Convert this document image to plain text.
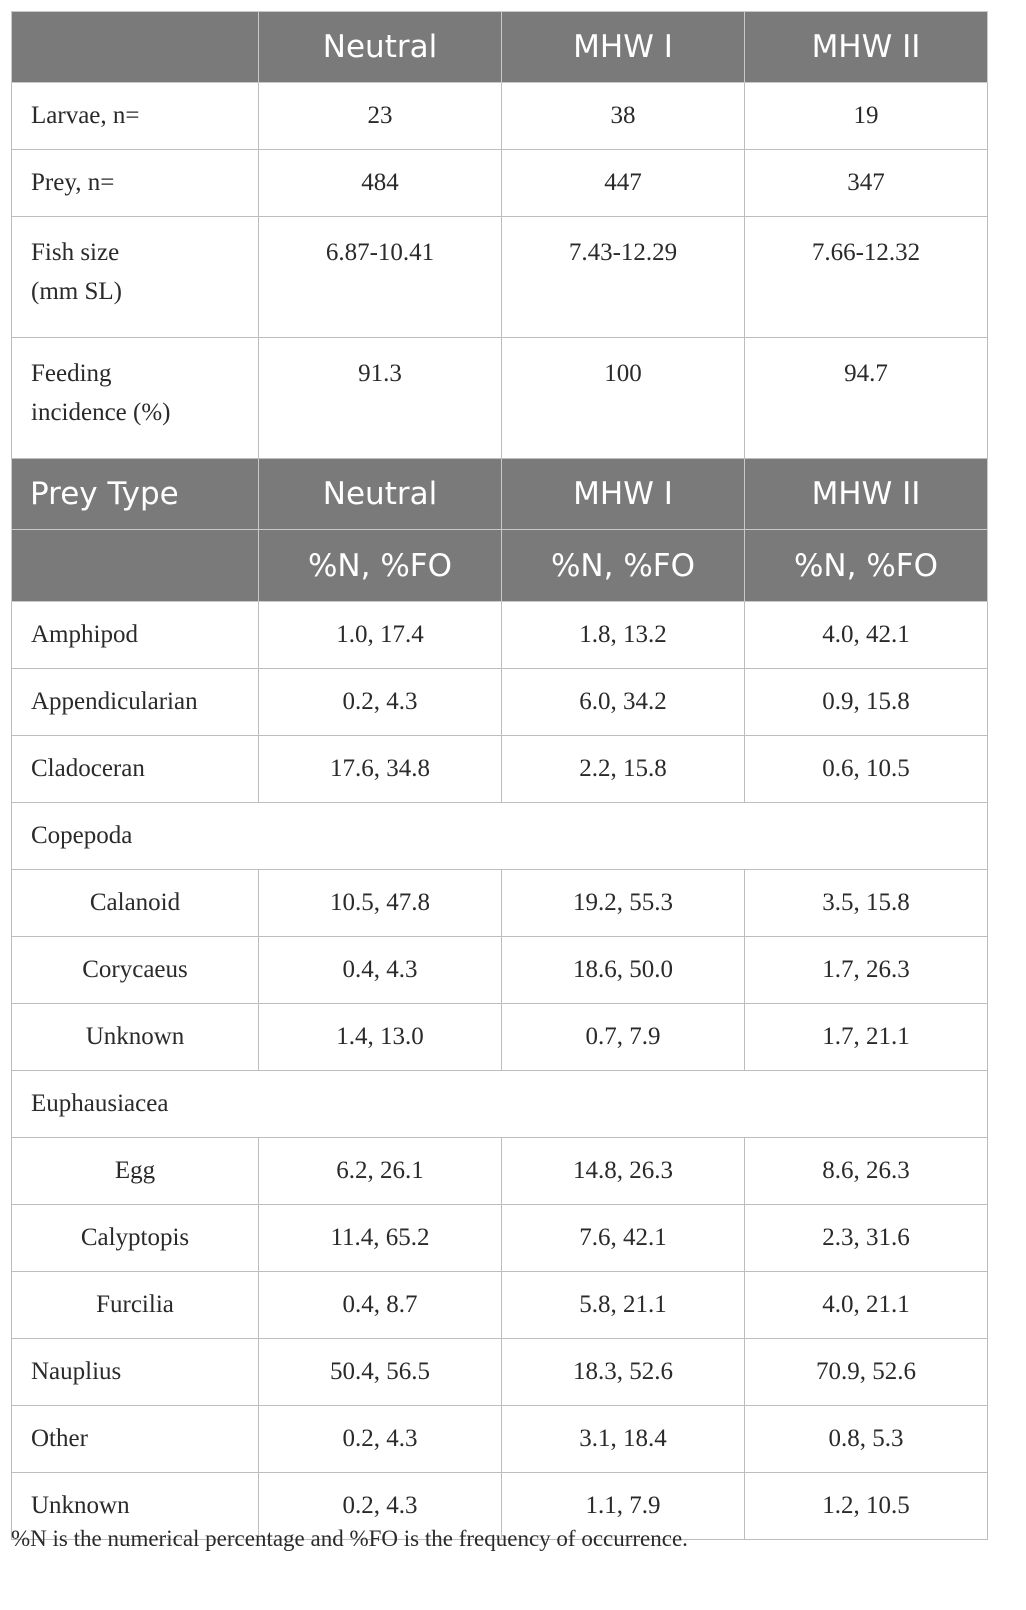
	Neutral	MHW I	MHW II
Larvae, n=	23	38	19
Prey, n=	484	447	347

Fish size
(mm SL)	6.87-10.41	7.43-12.29	7.66-12.32

Feeding
incidence (%)	91.3	100	94.7
Prey Type	Neutral	MHW I	MHW II
	%N, %FO	%N, %FO	%N, %FO
Amphipod	1.0, 17.4	1.8, 13.2	4.0, 42.1
Appendicularian	0.2, 4.3	6.0, 34.2	0.9, 15.8
Cladoceran	17.6, 34.8	2.2, 15.8	0.6, 10.5
Copepoda			
Calanoid	10.5, 47.8	19.2, 55.3	3.5, 15.8
Corycaeus	0.4, 4.3	18.6, 50.0	1.7, 26.3
Unknown	1.4, 13.0	0.7, 7.9	1.7, 21.1
Euphausiacea			
Egg	6.2, 26.1	14.8, 26.3	8.6, 26.3
Calyptopis	11.4, 65.2	7.6, 42.1	2.3, 31.6
Furcilia	0.4, 8.7	5.8, 21.1	4.0, 21.1
Nauplius	50.4, 56.5	18.3, 52.6	70.9, 52.6
Other	0.2, 4.3	3.1, 18.4	0.8, 5.3
Unknown	0.2, 4.3	1.1, 7.9	1.2, 10.5
%N is the numerical percentage and %FO is the frequency of occurrence.
